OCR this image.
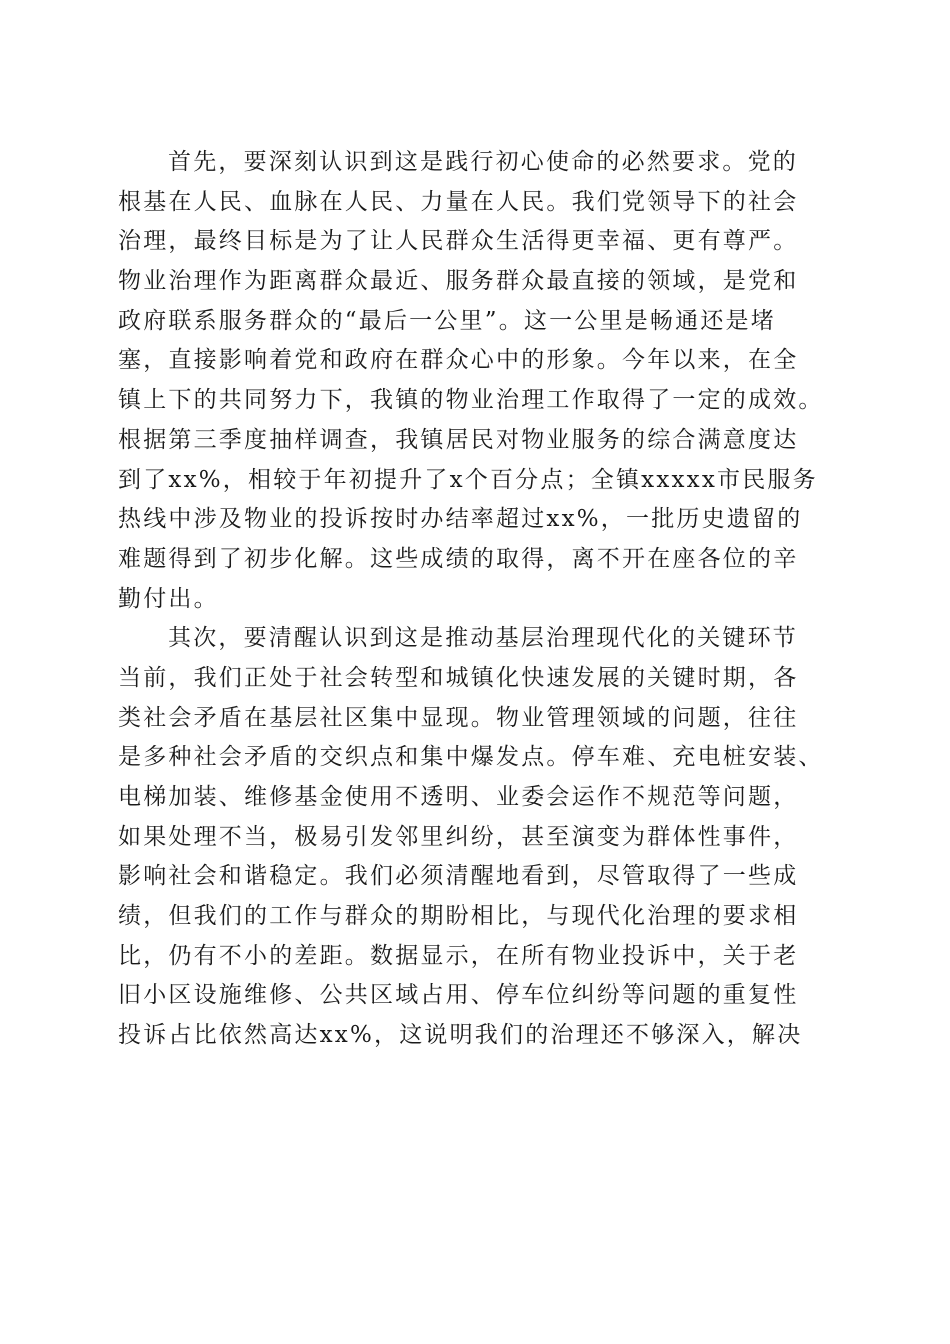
首先，要深刻认识到这是践行初心使命的必然要求。党的
根基在人民、血脉在人民、力量在人民。我们党领导下的社会
治理，最终目标是为了让人民群众生活得更幸福、更有尊严。
物业治理作为距离群众最近、服务群众最直接的领域，是党和
政府联系服务群众的“最后一公里”。这一公里是畅通还是堵
塞，直接影响着党和政府在群众心中的形象。今年以来，在全
镇上下的共同努力下，我镇的物业治理工作取得了一定的成效。
根据第三季度抽样调查，我镇居民对物业服务的综合满意度达
到了xx%，相较于年初提升了x个百分点；全镇xxxxx市民服务
热线中涉及物业的投诉按时办结率超过xx%，一批历史遗留的
难题得到了初步化解。这些成绩的取得，离不开在座各位的辛
勤付出。
其次，要清醒认识到这是推动基层治理现代化的关键环节
当前，我们正处于社会转型和城镇化快速发展的关键时期，各
类社会矛盾在基层社区集中显现。物业管理领域的问题，往往
是多种社会矛盾的交织点和集中爆发点。停车难、充电桩安装、
电梯加装、维修基金使用不透明、业委会运作不规范等问题，
如果处理不当，极易引发邻里纠纷，甚至演变为群体性事件，
影响社会和谐稳定。我们必须清醒地看到，尽管取得了一些成
绩，但我们的工作与群众的期盼相比，与现代化治理的要求相
比，仍有不小的差距。数据显示，在所有物业投诉中，关于老
旧小区设施维修、公共区域占用、停车位纠纷等问题的重复性
投诉占比依然高达xx%，这说明我们的治理还不够深入，解决
